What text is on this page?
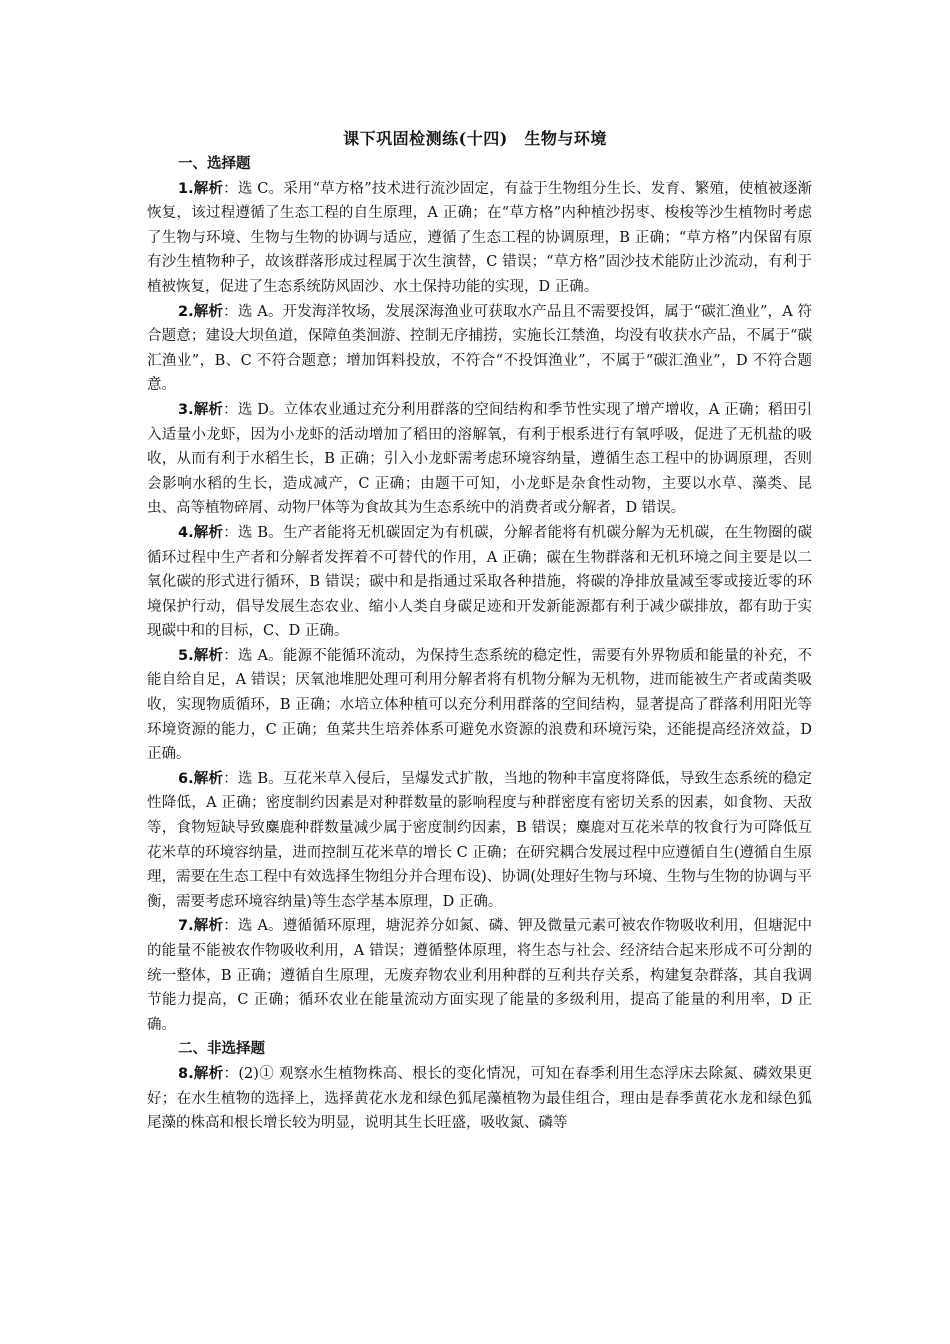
课下巩固检测练(十四)　生物与环境

一、选择题

1.解析：选 C。采用“草方格”技术进行流沙固定，有益于生物组分生长、发育、繁殖，使植被逐渐恢复，该过程遵循了生态工程的自生原理，A 正确；在“草方格”内种植沙拐枣、梭梭等沙生植物时考虑了生物与环境、生物与生物的协调与适应，遵循了生态工程的协调原理，B 正确；“草方格”内保留有原有沙生植物种子，故该群落形成过程属于次生演替，C 错误；“草方格”固沙技术能防止沙流动，有利于植被恢复，促进了生态系统防风固沙、水土保持功能的实现，D 正确。

2.解析：选 A。开发海洋牧场，发展深海渔业可获取水产品且不需要投饵，属于“碳汇渔业”，A 符合题意；建设大坝鱼道，保障鱼类洄游、控制无序捕捞，实施长江禁渔，均没有收获水产品，不属于“碳汇渔业”，B、C 不符合题意；增加饵料投放，不符合“不投饵渔业”，不属于“碳汇渔业”，D 不符合题意。

3.解析：选 D。立体农业通过充分利用群落的空间结构和季节性实现了增产增收，A 正确；稻田引入适量小龙虾，因为小龙虾的活动增加了稻田的溶解氧，有利于根系进行有氧呼吸，促进了无机盐的吸收，从而有利于水稻生长，B 正确；引入小龙虾需考虑环境容纳量，遵循生态工程中的协调原理，否则会影响水稻的生长，造成减产，C 正确；由题干可知，小龙虾是杂食性动物，主要以水草、藻类、昆虫、高等植物碎屑、动物尸体等为食故其为生态系统中的消费者或分解者，D 错误。

4.解析：选 B。生产者能将无机碳固定为有机碳，分解者能将有机碳分解为无机碳，在生物圈的碳循环过程中生产者和分解者发挥着不可替代的作用，A 正确；碳在生物群落和无机环境之间主要是以二氧化碳的形式进行循环，B 错误；碳中和是指通过采取各种措施，将碳的净排放量减至零或接近零的环境保护行动，倡导发展生态农业、缩小人类自身碳足迹和开发新能源都有利于减少碳排放，都有助于实现碳中和的目标，C、D 正确。

5.解析：选 A。能源不能循环流动，为保持生态系统的稳定性，需要有外界物质和能量的补充，不能自给自足，A 错误；厌氧池堆肥处理可利用分解者将有机物分解为无机物，进而能被生产者或菌类吸收，实现物质循环，B 正确；水培立体种植可以充分利用群落的空间结构，显著提高了群落利用阳光等环境资源的能力，C 正确；鱼菜共生培养体系可避免水资源的浪费和环境污染，还能提高经济效益，D 正确。

6.解析：选 B。互花米草入侵后，呈爆发式扩散，当地的物种丰富度将降低，导致生态系统的稳定性降低，A 正确；密度制约因素是对种群数量的影响程度与种群密度有密切关系的因素，如食物、天敌等，食物短缺导致麋鹿种群数量减少属于密度制约因素，B 错误；麋鹿对互花米草的牧食行为可降低互花米草的环境容纳量，进而控制互花米草的增长 C 正确；在研究耦合发展过程中应遵循自生(遵循自生原理，需要在生态工程中有效选择生物组分并合理布设)、协调(处理好生物与环境、生物与生物的协调与平衡，需要考虑环境容纳量)等生态学基本原理，D 正确。

7.解析：选 A。遵循循环原理，塘泥养分如氮、磷、钾及微量元素可被农作物吸收利用，但塘泥中的能量不能被农作物吸收利用，A 错误；遵循整体原理，将生态与社会、经济结合起来形成不可分割的统一整体，B 正确；遵循自生原理，无废弃物农业利用种群的互利共存关系，构建复杂群落，其自我调节能力提高，C 正确；循环农业在能量流动方面实现了能量的多级利用，提高了能量的利用率，D 正确。

二、非选择题

8.解析：(2)① 观察水生植物株高、根长的变化情况，可知在春季利用生态浮床去除氮、磷效果更好；在水生植物的选择上，选择黄花水龙和绿色狐尾藻植物为最佳组合，理由是春季黄花水龙和绿色狐尾藻的株高和根长增长较为明显，说明其生长旺盛，吸收氮、磷等
